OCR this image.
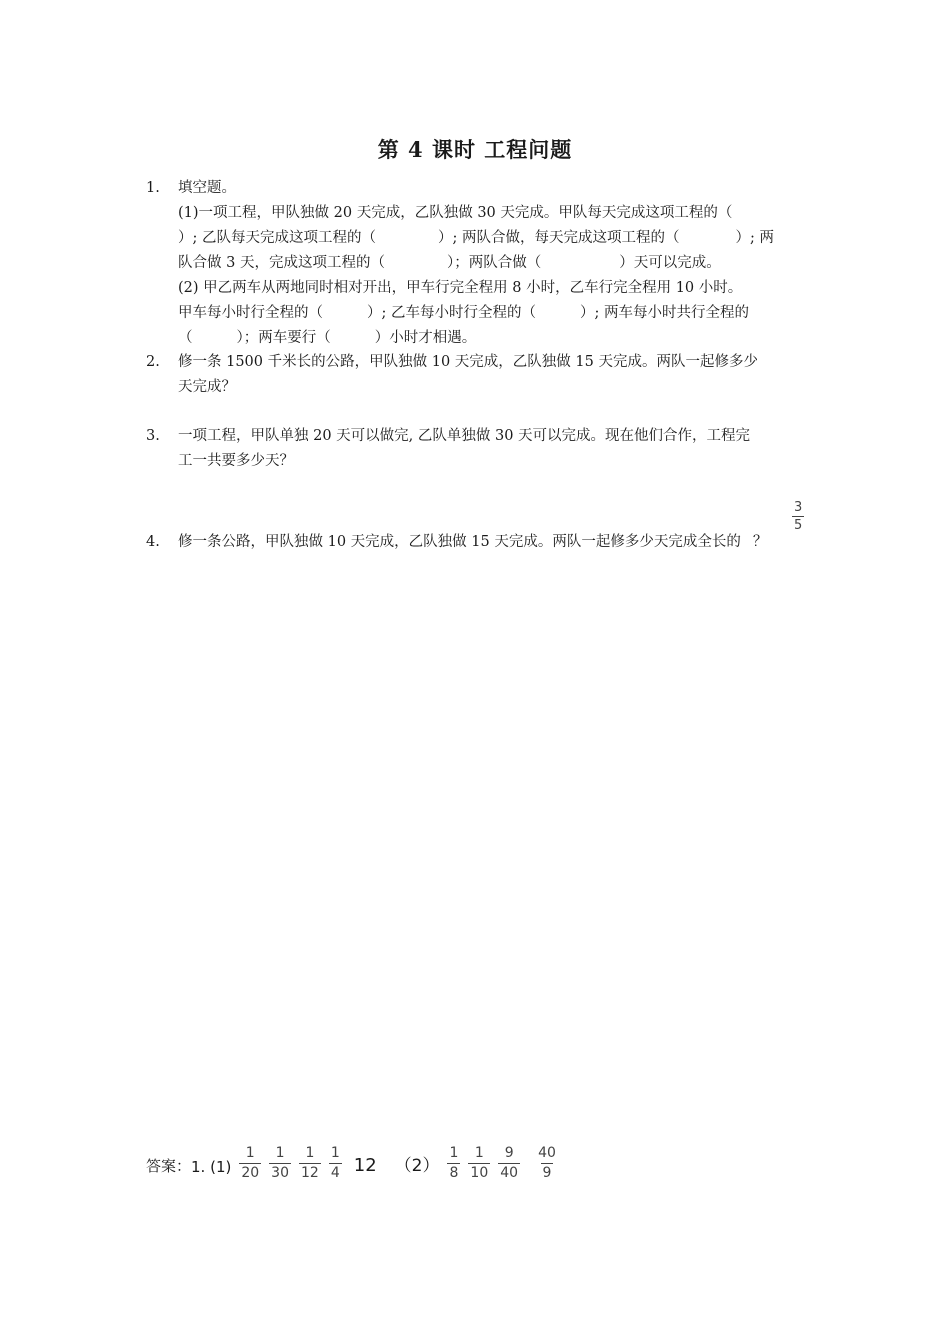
第 4 课时 工程问题
1. 填空题。
(1)一项工程，甲队独做 20 天完成，乙队独做 30 天完成。甲队每天完成这项工程的（
）; 乙队每天完成这项工程的（	）; 两队合做，每天完成这项工程的（	）; 两
队合做 3 天，完成这项工程的（	）；两队合做（	）天可以完成。
(2) 甲乙两车从两地同时相对开出，甲车行完全程用 8 小时，乙车行完全程用 10 小时。
甲车每小时行全程的（	）; 乙车每小时行全程的（	）; 两车每小时共行全程的
（	）；两车要行（	）小时才相遇。
2. 修一条 1500 千米长的公路，甲队独做 10 天完成，乙队独做 15 天完成。两队一起修多少
天完成？
3. 一项工程，甲队单独 20 天可以做完, 乙队单独做 30 天可以完成。现在他们合作，工程完
工一共要多少天？
4. 修一条公路，甲队独做 10 天完成，乙队独做 15 天完成。两队一起修多少天完成全长的 ？
$\frac{3}{5}$
答案： 1. $(1) \frac{1}{20} \frac{1}{30} \frac{1}{12} \frac{1}{4} 12$ $(2) \frac{1}{8} \frac{1}{10} \frac{9}{40} \frac{40}{9}$
